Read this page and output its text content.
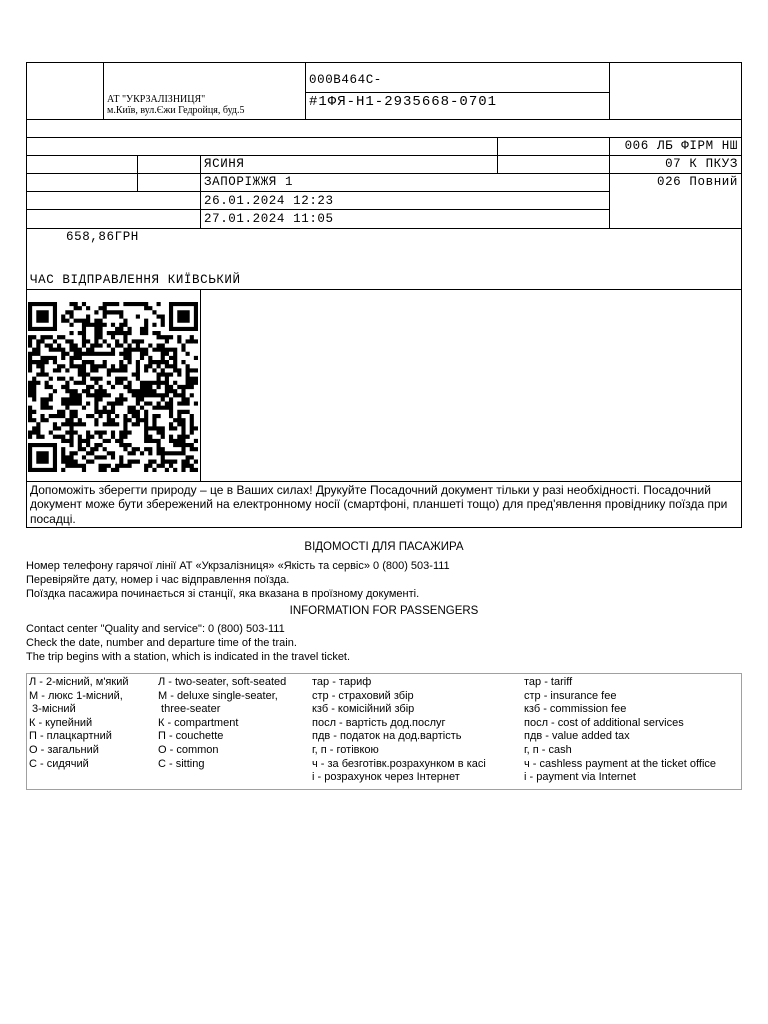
АТ "УКРЗАЛІЗНИЦЯ"
м.Київ, вул.Єжи Гедройця, буд.5
000В464С-
#1ФЯ-Н1-2935668-0701
006 ЛБ ФІРМ НШ
07 К ПКУЗ
026 Повний
ЯСИНЯ
ЗАПОРІЖЖЯ 1
26.01.2024 12:23
27.01.2024 11:05
658,86ГРН
ЧАС ВІДПРАВЛЕННЯ КИЇВСЬКИЙ
Допоможіть зберегти природу – це в Ваших силах! Друкуйте Посадочний документ тільки у разі необхідності. Посадочний документ може бути збережений на електронному носії (смартфоні, планшеті тощо) для пред'явлення провіднику поїзда при посадці.
ВІДОМОСТІ ДЛЯ ПАСАЖИРА
Номер телефону гарячої лінії АТ «Укрзалізниця» «Якість та сервіс» 0 (800) 503-111
Перевіряйте дату, номер і час відправлення поїзда.
Поїздка пасажира починається зі станції, яка вказана в проїзному документі.
INFORMATION FOR PASSENGERS
Contact center "Quality and service": 0 (800) 503-111
Check the date, number and departure time of the train.
The trip begins with a station, which is indicated in the travel ticket.
Л - 2-місний, м'який
М - люкс 1-місний,
3-місний
К - купейний
П - плацкартний
О - загальний
С - сидячий
Л - two-seater, soft-seated
М - deluxe single-seater,
three-seater
К - compartment
П - couchette
О - common
С - sitting
тар - тариф
стр - страховий збір
кзб - комісійний збір
посл - вартість дод.послуг
пдв - податок на дод.вартість
г, п - готівкою
ч - за безготівк.розрахунком в касі
і - розрахунок через Інтернет
тар - tariff
стр - insurance fee
кзб - commission fee
посл - cost of additional services
пдв - value added tax
г, п - cash
ч - cashless payment at the ticket office
і - payment via Internet
